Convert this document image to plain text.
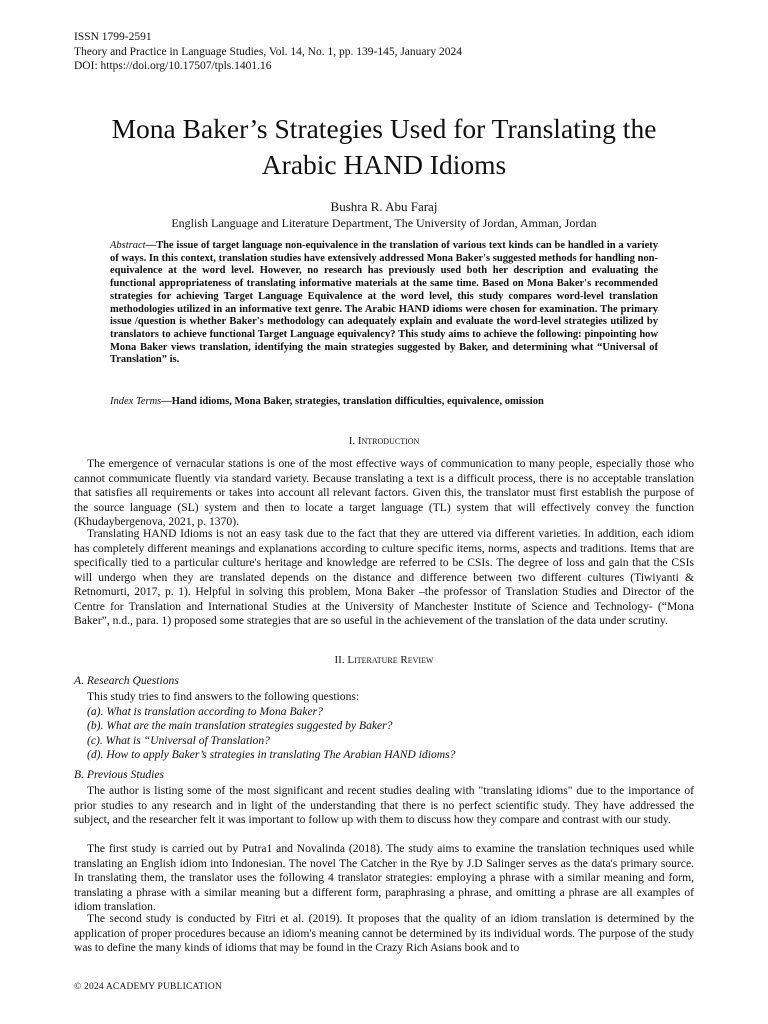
ISSN 1799-2591
Theory and Practice in Language Studies, Vol. 14, No. 1, pp. 139-145, January 2024
DOI: https://doi.org/10.17507/tpls.1401.16
Mona Baker’s Strategies Used for Translating the
Arabic HAND Idioms
Bushra R. Abu Faraj
English Language and Literature Department, The University of Jordan, Amman, Jordan

Abstract—The issue of target language non-equivalence in the translation of various text kinds can be handled in a variety of ways. In this context, translation studies have extensively addressed Mona Baker's suggested methods for handling non-equivalence at the word level. However, no research has previously used both her description and evaluating the functional appropriateness of translating informative materials at the same time. Based on Mona Baker's recommended strategies for achieving Target Language Equivalence at the word level, this study compares word-level translation methodologies utilized in an informative text genre. The Arabic HAND idioms were chosen for examination. The primary issue /question is whether Baker's methodology can adequately explain and evaluate the word-level strategies utilized by translators to achieve functional Target Language equivalency? This study aims to achieve the following: pinpointing how Mona Baker views translation, identifying the main strategies suggested by Baker, and determining what “Universal of Translation” is.

Index Terms—Hand idioms, Mona Baker, strategies, translation difficulties, equivalence, omission

I. Introduction

The emergence of vernacular stations is one of the most effective ways of communication to many people, especially those who cannot communicate fluently via standard variety. Because translating a text is a difficult process, there is no acceptable translation that satisfies all requirements or takes into account all relevant factors. Given this, the translator must first establish the purpose of the source language (SL) system and then to locate a target language (TL) system that will effectively convey the function (Khudaybergenova, 2021, p. 1370).

Translating HAND Idioms is not an easy task due to the fact that they are uttered via different varieties. In addition, each idiom has completely different meanings and explanations according to culture specific items, norms, aspects and traditions. Items that are specifically tied to a particular culture's heritage and knowledge are referred to be CSIs. The degree of loss and gain that the CSIs will undergo when they are translated depends on the distance and difference between two different cultures (Tiwiyanti & Retnomurti, 2017, p. 1). Helpful in solving this problem, Mona Baker –the professor of Translation Studies and Director of the Centre for Translation and International Studies at the University of Manchester Institute of Science and Technology- (“Mona Baker”, n.d., para. 1) proposed some strategies that are so useful in the achievement of the translation of the data under scrutiny.

II. Literature Review
A. Research Questions
This study tries to find answers to the following questions:
(a). What is translation according to Mona Baker?
(b). What are the main translation strategies suggested by Baker?
(c). What is “Universal of Translation?
(d). How to apply Baker’s strategies in translating The Arabian HAND idioms?
B. Previous Studies

The author is listing some of the most significant and recent studies dealing with "translating idioms" due to the importance of prior studies to any research and in light of the understanding that there is no perfect scientific study. They have addressed the subject, and the researcher felt it was important to follow up with them to discuss how they compare and contrast with our study.

The first study is carried out by Putra1 and Novalinda (2018). The study aims to examine the translation techniques used while translating an English idiom into Indonesian. The novel The Catcher in the Rye by J.D Salinger serves as the data's primary source. In translating them, the translator uses the following 4 translator strategies: employing a phrase with a similar meaning and form, translating a phrase with a similar meaning but a different form, paraphrasing a phrase, and omitting a phrase are all examples of idiom translation.

The second study is conducted by Fitri et al. (2019). It proposes that the quality of an idiom translation is determined by the application of proper procedures because an idiom's meaning cannot be determined by its individual words. The purpose of the study was to define the many kinds of idioms that may be found in the Crazy Rich Asians book and to

© 2024 ACADEMY PUBLICATION
